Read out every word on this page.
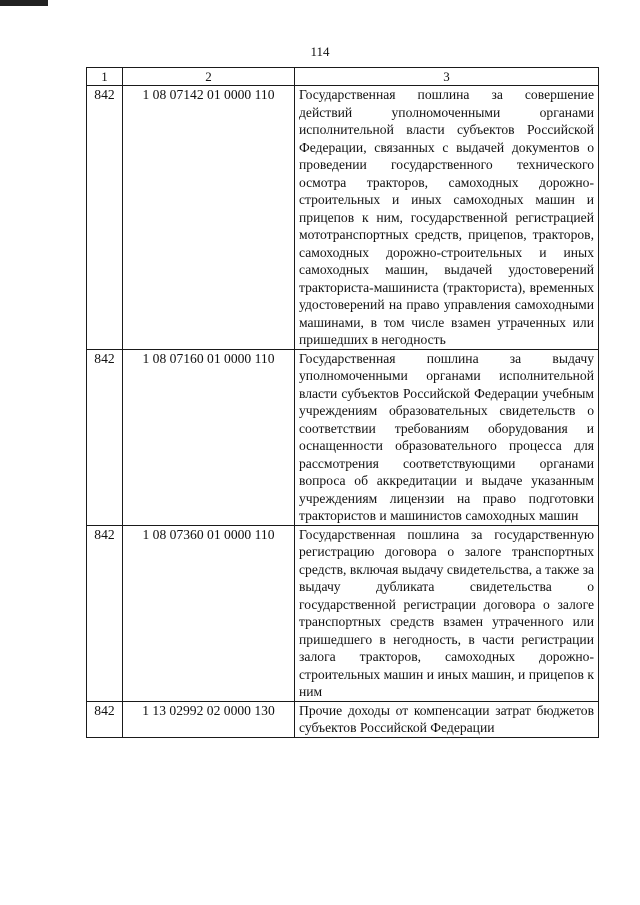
114
1	2	3
842	1 08 07142 01 0000 110	Государственная пошлина за совершение действий уполномоченными органами исполнительной власти субъектов Российской Федерации, связанных с выдачей документов о проведении государственного технического осмотра тракторов, самоходных дорожно-строительных и иных самоходных машин и прицепов к ним, государственной регистрацией мототранспортных средств, прицепов, тракторов, самоходных дорожно-строительных и иных самоходных машин, выдачей удостоверений тракториста-машиниста (тракториста), временных удостоверений на право управления самоходными машинами, в том числе взамен утраченных или пришедших в негодность
842	1 08 07160 01 0000 110	Государственная пошлина за выдачу уполномоченными органами исполнительной власти субъектов Российской Федерации учебным учреждениям образовательных свидетельств о соответствии требованиям оборудования и оснащенности образовательного процесса для рассмотрения соответствующими органами вопроса об аккредитации и выдаче указанным учреждениям лицензии на право подготовки трактористов и машинистов самоходных машин
842	1 08 07360 01 0000 110	Государственная пошлина за государственную регистрацию договора о залоге транспортных средств, включая выдачу свидетельства, а также за выдачу дубликата свидетельства о государственной регистрации договора о залоге транспортных средств взамен утраченного или пришедшего в негодность, в части регистрации залога тракторов, самоходных дорожно-строительных машин и иных машин, и прицепов к ним
842	1 13 02992 02 0000 130	Прочие доходы от компенсации затрат бюджетов субъектов Российской Федерации
